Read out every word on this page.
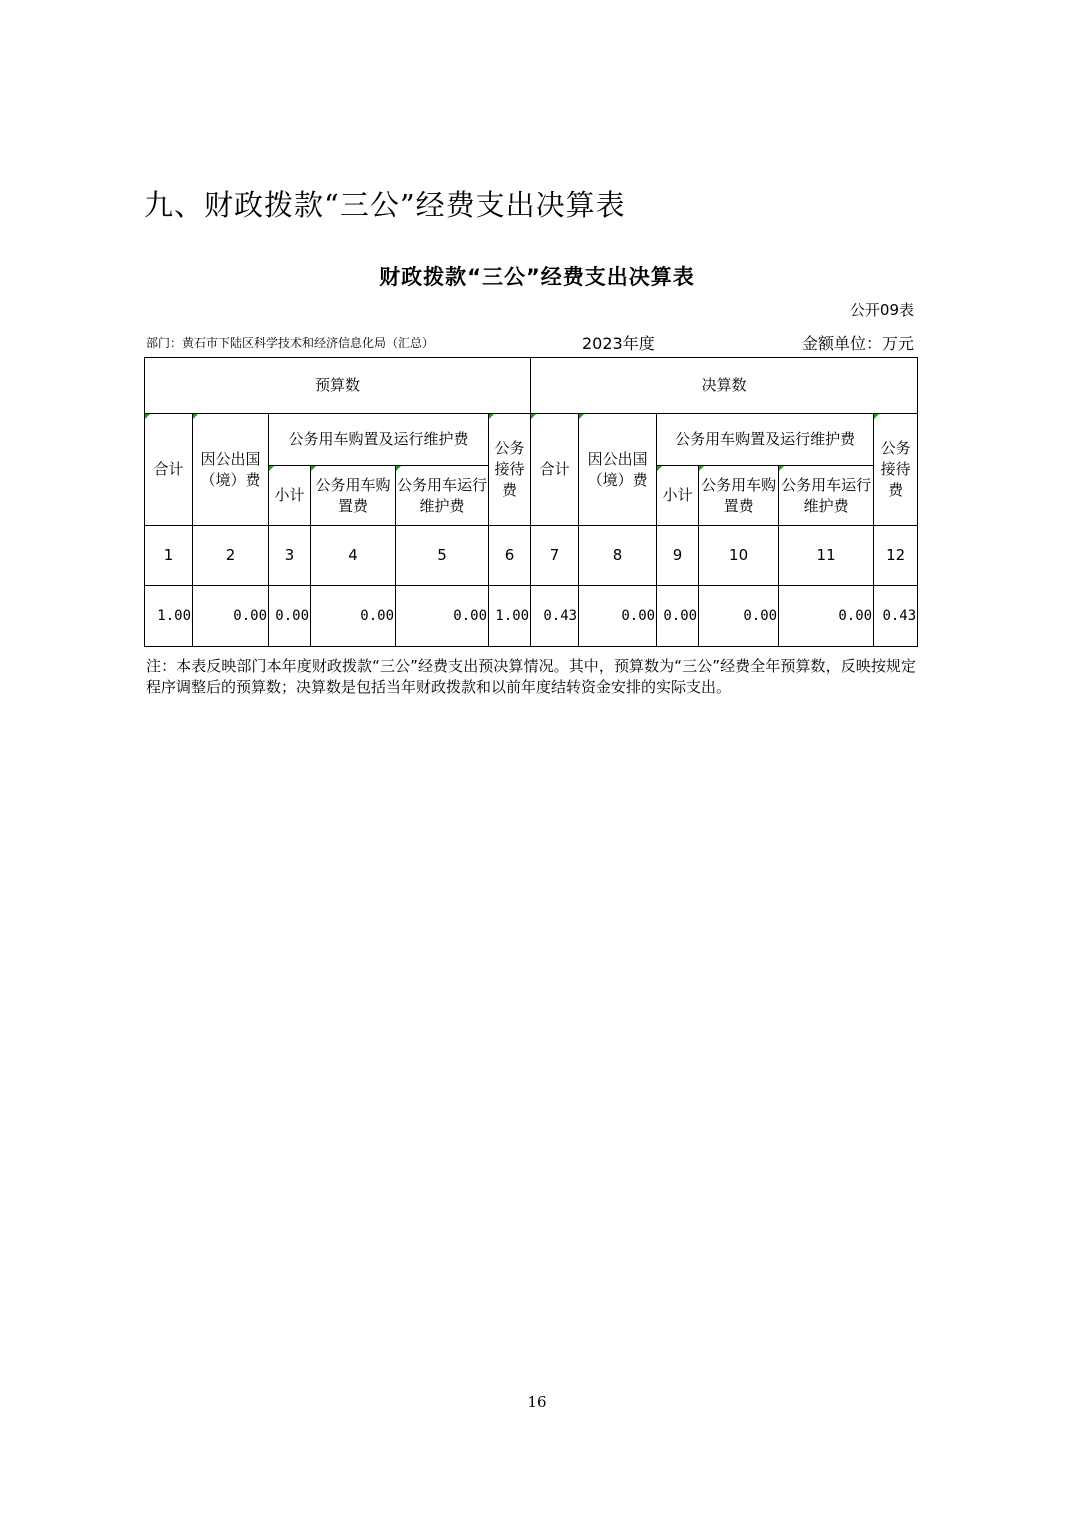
九、财政拨款“三公”经费支出决算表
财政拨款“三公”经费支出决算表
公开09表
部门：黄石市下陆区科学技术和经济信息化局（汇总）	2023年度	金额单位：万元
预算数						决算数					
合计	因公出国（境）费	公务用车购置及运行维护费			公务接待费	合计	因公出国（境）费	公务用车购置及运行维护费			公务接待费
		小计	公务用车购置费	公务用车运行维护费				小计	公务用车购置费	公务用车运行维护费	
1	2	3	4	5	6	7	8	9	10	11	12
1.00	0.00	0.00	0.00	0.00	1.00	0.43	0.00	0.00	0.00	0.00	0.43
注：本表反映部门本年度财政拨款“三公”经费支出预决算情况。其中，预算数为“三公”经费全年预算数，反映按规定程序调整后的预算数；决算数是包括当年财政拨款和以前年度结转资金安排的实际支出。
16
